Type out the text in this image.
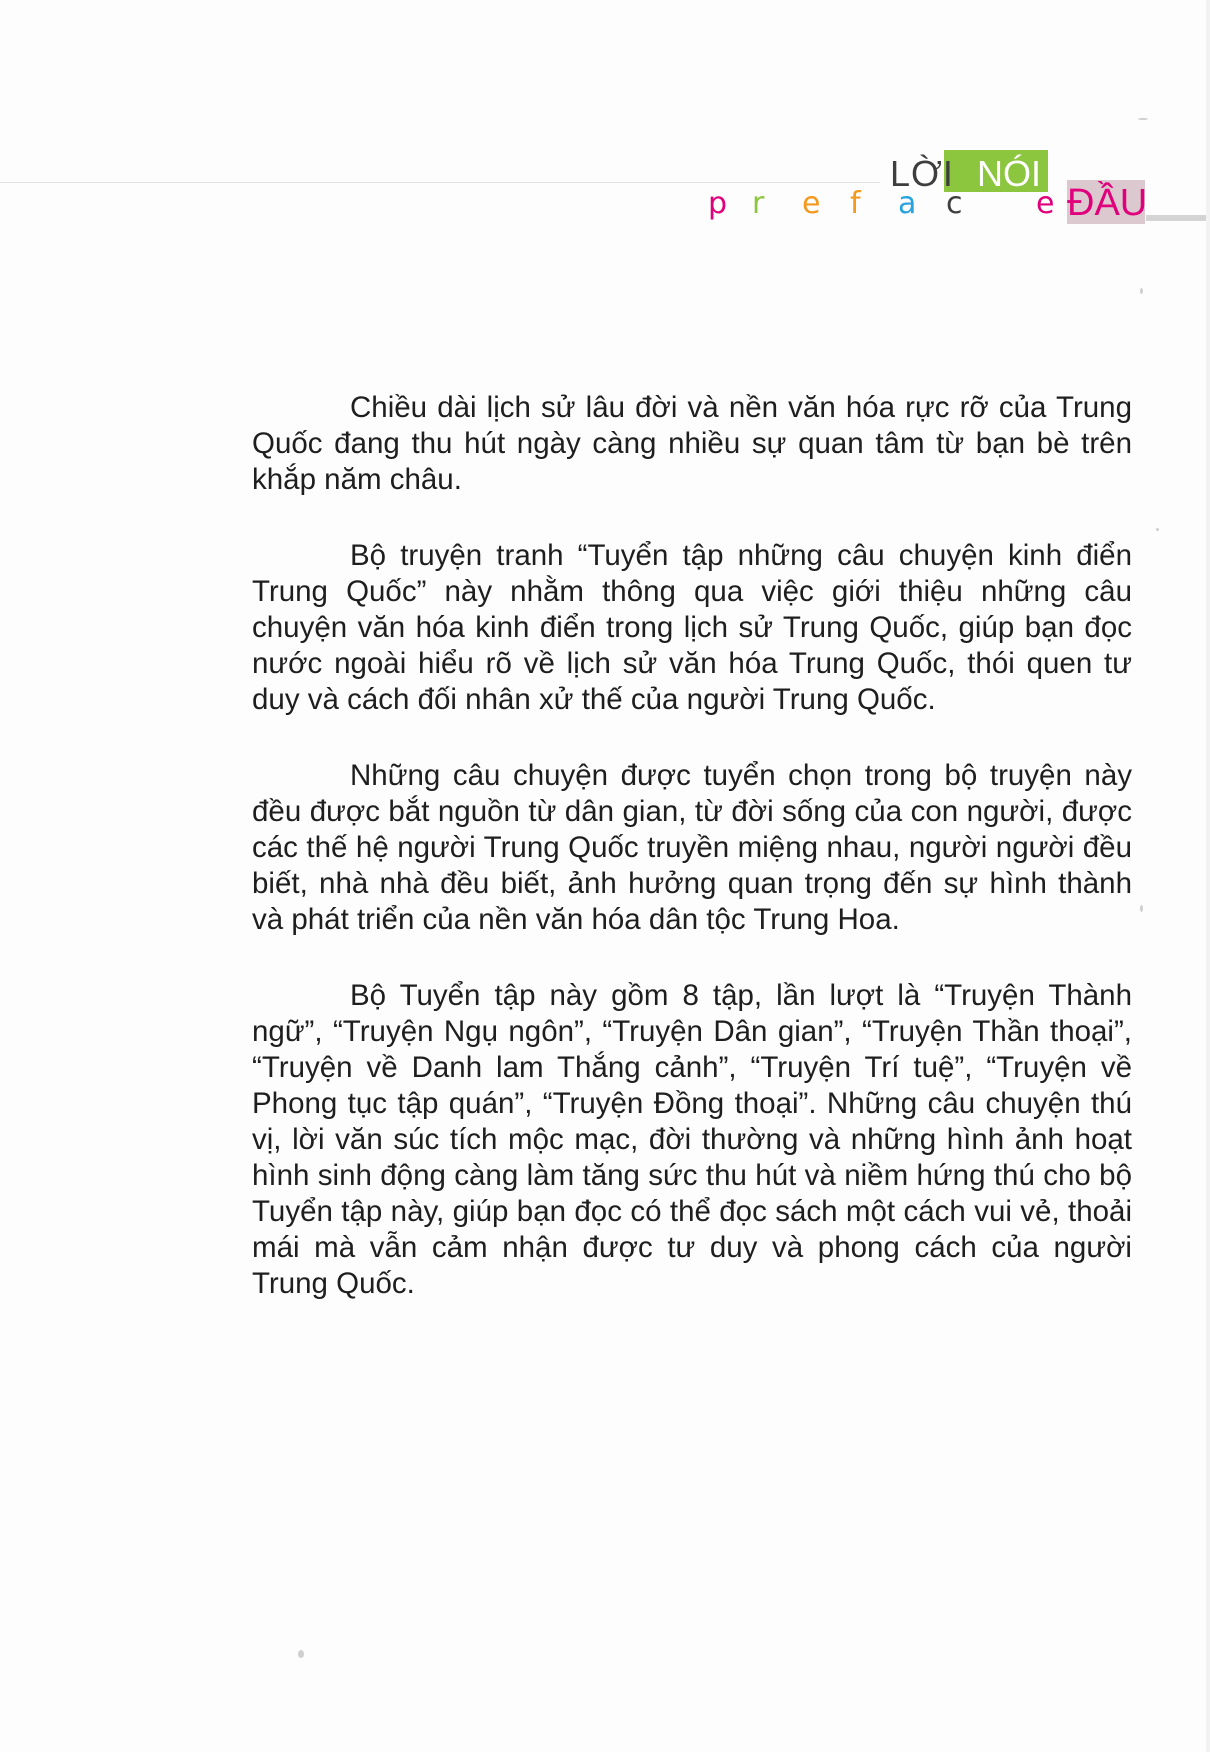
LỜI NÓI
p r e f a c e ĐẦU

Chiều dài lịch sử lâu đời và nền văn hóa rực rỡ của Trung Quốc đang thu hút ngày càng nhiều sự quan tâm từ bạn bè trên khắp năm châu.

Bộ truyện tranh “Tuyển tập những câu chuyện kinh điển Trung Quốc” này nhằm thông qua việc giới thiệu những câu chuyện văn hóa kinh điển trong lịch sử Trung Quốc, giúp bạn đọc nước ngoài hiểu rõ về lịch sử văn hóa Trung Quốc, thói quen tư duy và cách đối nhân xử thế của người Trung Quốc.

Những câu chuyện được tuyển chọn trong bộ truyện này đều được bắt nguồn từ dân gian, từ đời sống của con người, được các thế hệ người Trung Quốc truyền miệng nhau, người người đều biết, nhà nhà đều biết, ảnh hưởng quan trọng đến sự hình thành và phát triển của nền văn hóa dân tộc Trung Hoa.

Bộ Tuyển tập này gồm 8 tập, lần lượt là “Truyện Thành ngữ”, “Truyện Ngụ ngôn”, “Truyện Dân gian”, “Truyện Thần thoại”, “Truyện về Danh lam Thắng cảnh”, “Truyện Trí tuệ”, “Truyện về Phong tục tập quán”, “Truyện Đồng thoại”. Những câu chuyện thú vị, lời văn súc tích mộc mạc, đời thường và những hình ảnh hoạt hình sinh động càng làm tăng sức thu hút và niềm hứng thú cho bộ Tuyển tập này, giúp bạn đọc có thể đọc sách một cách vui vẻ, thoải mái mà vẫn cảm nhận được tư duy và phong cách của người Trung Quốc.
